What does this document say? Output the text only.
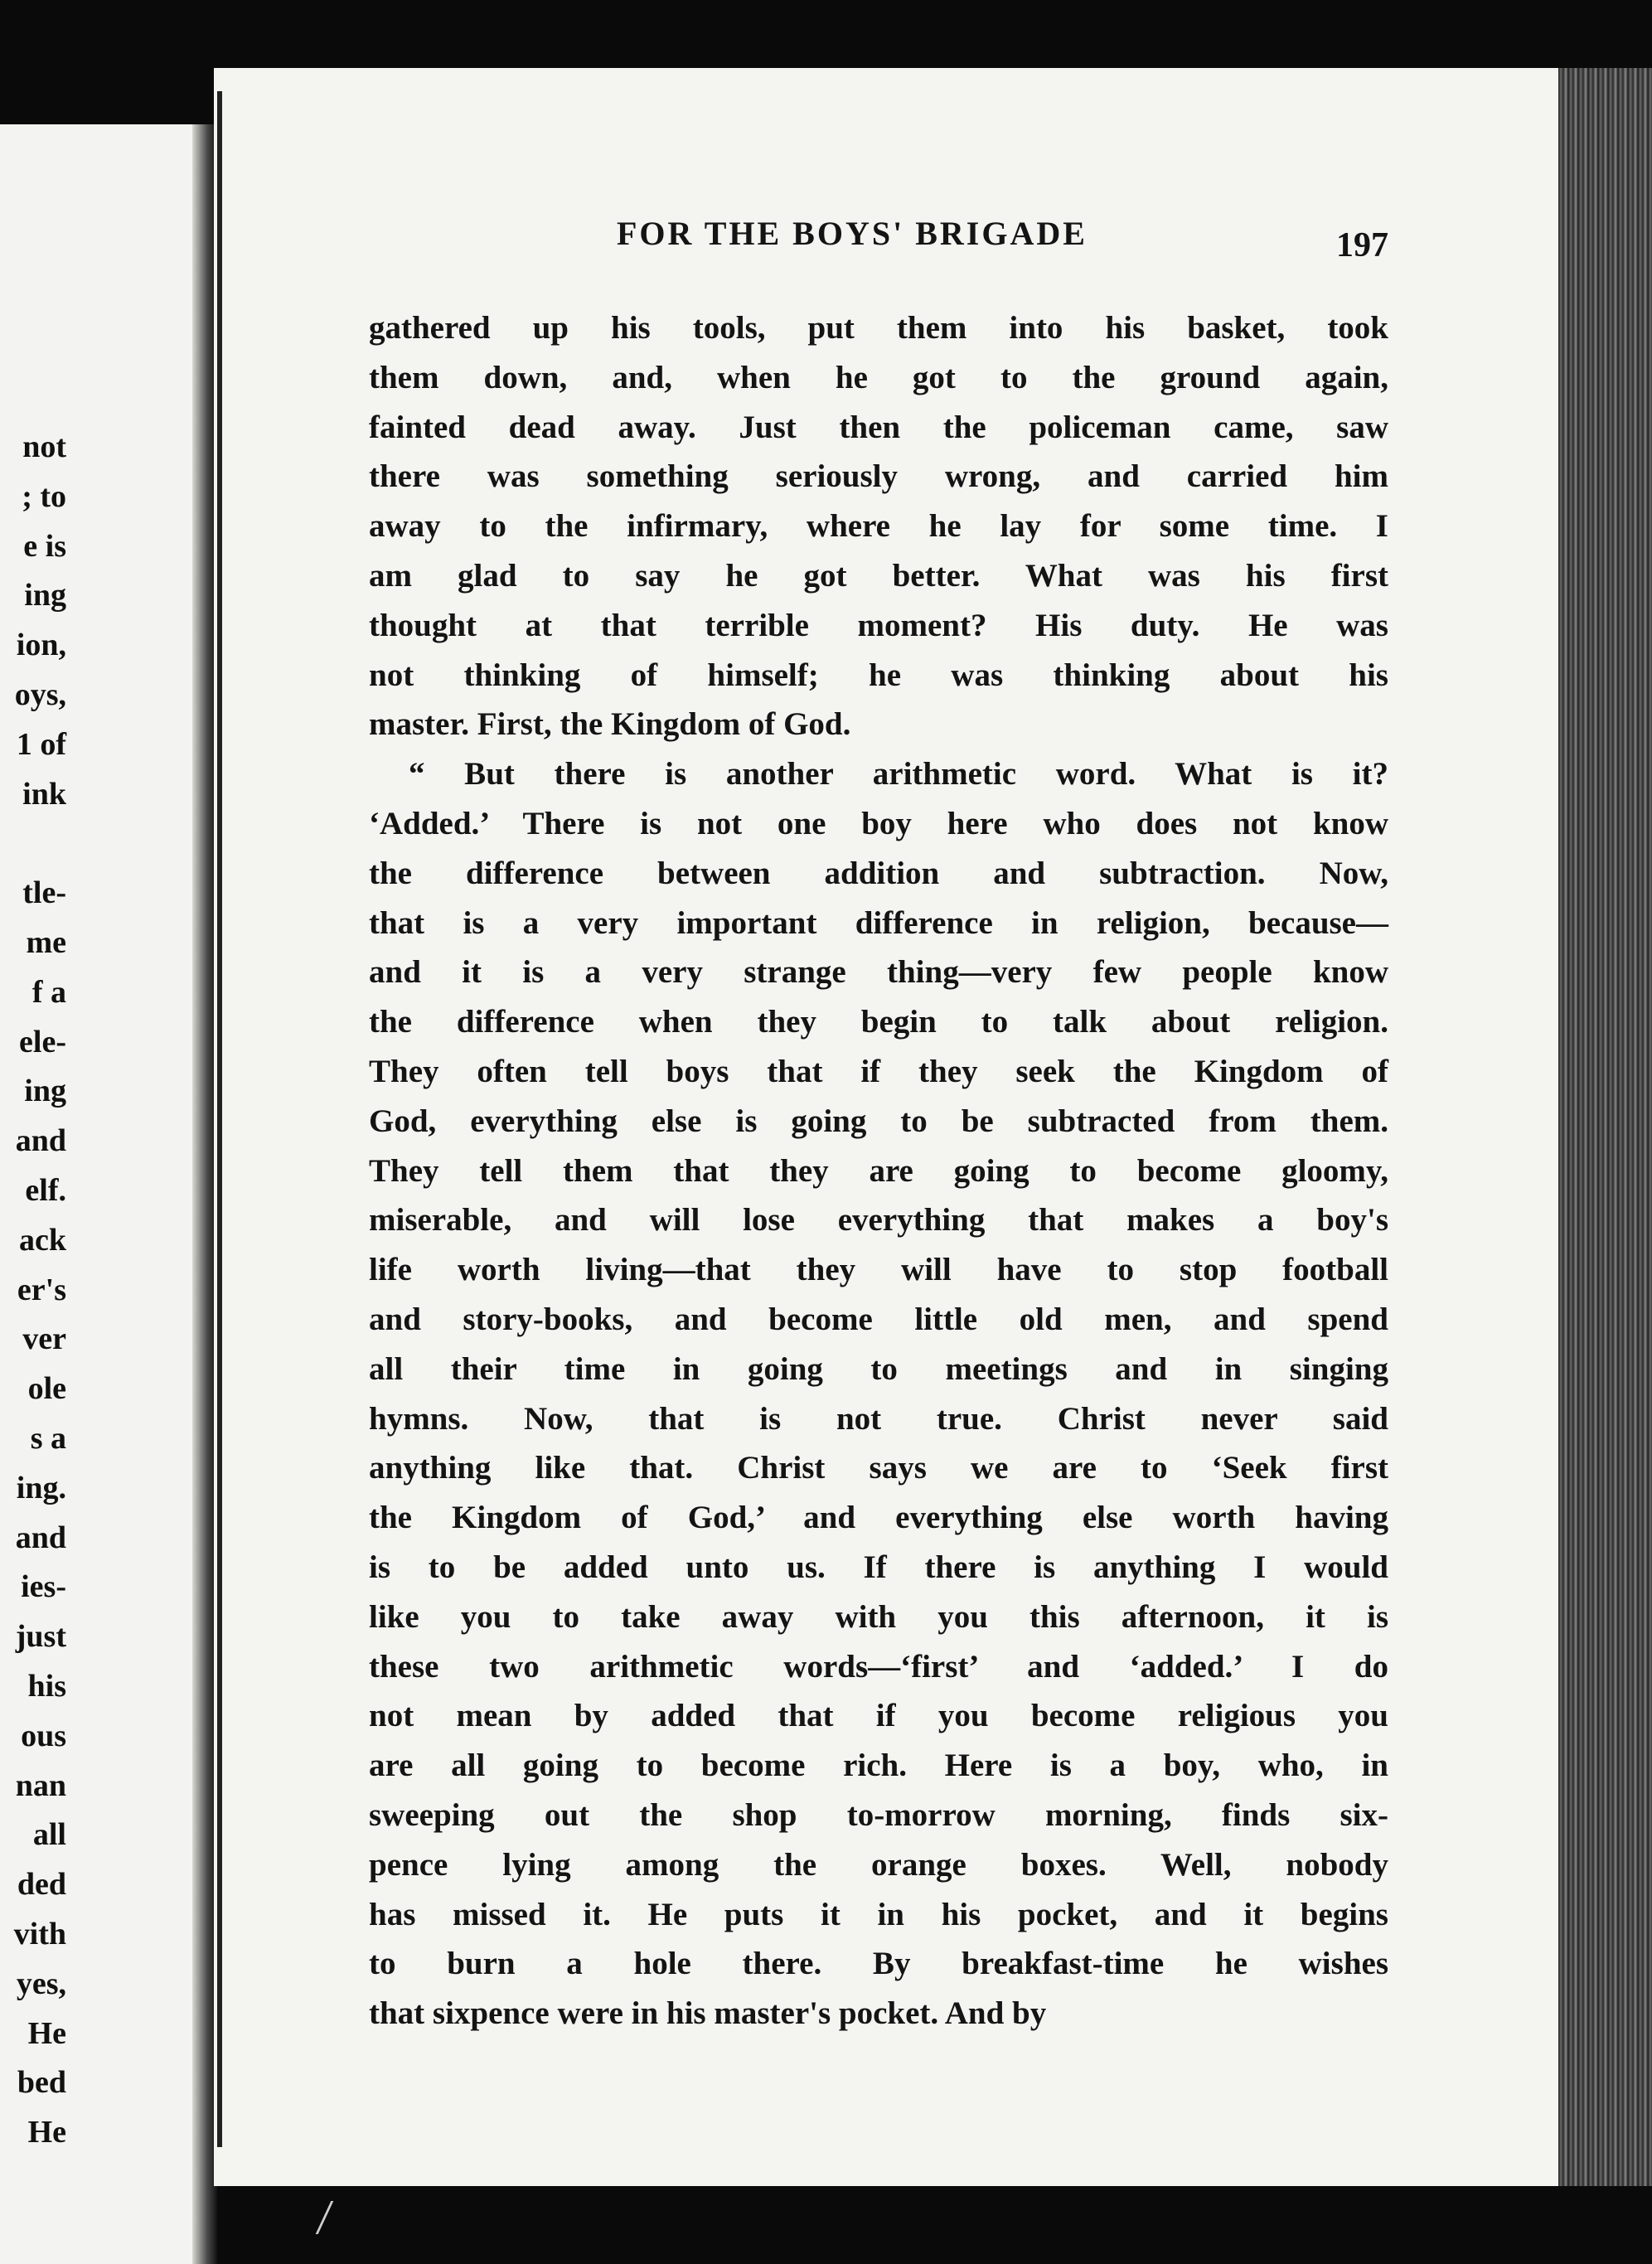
not
; to
e is
ing
ion,
oys,
1 of
ink
tle-
me
f a
ele-
ing
and
elf.
ack
er's
ver
ole
s a
ing.
and
ies-
just
his
ous
nan
all
ded
vith
yes,
He
bed
He
FOR THE BOYS' BRIGADE	197
gathered up his tools, put them into his basket, took
them down, and, when he got to the ground again,
fainted dead away. Just then the policeman came, saw
there was something seriously wrong, and carried him
away to the infirmary, where he lay for some time. I
am glad to say he got better. What was his first
thought at that terrible moment? His duty. He was
not thinking of himself; he was thinking about his
master. First, the Kingdom of God.
“ But there is another arithmetic word. What is it?
‘Added.’ There is not one boy here who does not know
the difference between addition and subtraction. Now,
that is a very important difference in religion, because—
and it is a very strange thing—very few people know
the difference when they begin to talk about religion.
They often tell boys that if they seek the Kingdom of
God, everything else is going to be subtracted from them.
They tell them that they are going to become gloomy,
miserable, and will lose everything that makes a boy's
life worth living—that they will have to stop football
and story-books, and become little old men, and spend
all their time in going to meetings and in singing
hymns. Now, that is not true. Christ never said
anything like that. Christ says we are to ‘Seek first
the Kingdom of God,’ and everything else worth having
is to be added unto us. If there is anything I would
like you to take away with you this afternoon, it is
these two arithmetic words—‘first’ and ‘added.’ I do
not mean by added that if you become religious you
are all going to become rich. Here is a boy, who, in
sweeping out the shop to-morrow morning, finds six-
pence lying among the orange boxes. Well, nobody
has missed it. He puts it in his pocket, and it begins
to burn a hole there. By breakfast-time he wishes
that sixpence were in his master's pocket. And by
